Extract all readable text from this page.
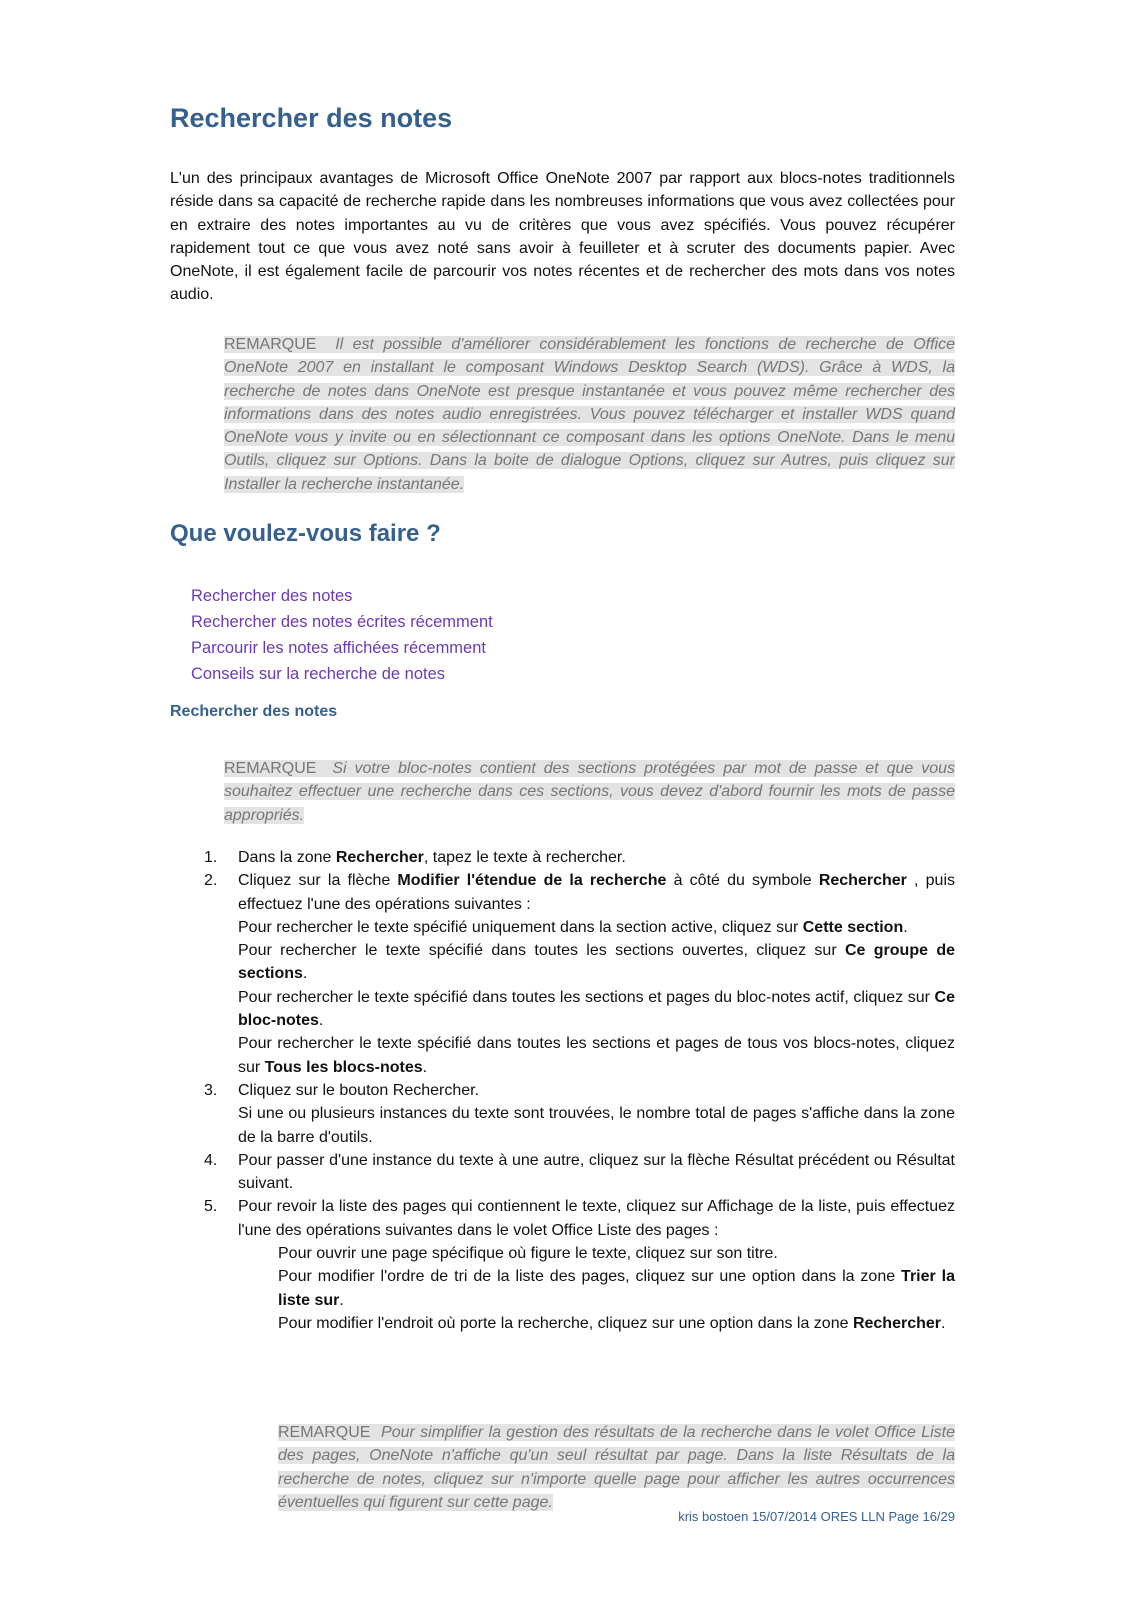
Rechercher des notes

L'un des principaux avantages de Microsoft Office OneNote 2007 par rapport aux blocs-notes traditionnels réside dans sa capacité de recherche rapide dans les nombreuses informations que vous avez collectées pour en extraire des notes importantes au vu de critères que vous avez spécifiés. Vous pouvez récupérer rapidement tout ce que vous avez noté sans avoir à feuilleter et à scruter des documents papier. Avec OneNote, il est également facile de parcourir vos notes récentes et de rechercher des mots dans vos notes audio.

REMARQUE Il est possible d'améliorer considérablement les fonctions de recherche de Office OneNote 2007 en installant le composant Windows Desktop Search (WDS). Grâce à WDS, la recherche de notes dans OneNote est presque instantanée et vous pouvez même rechercher des informations dans des notes audio enregistrées. Vous pouvez télécharger et installer WDS quand OneNote vous y invite ou en sélectionnant ce composant dans les options OneNote. Dans le menu Outils, cliquez sur Options. Dans la boite de dialogue Options, cliquez sur Autres, puis cliquez sur Installer la recherche instantanée.

Que voulez-vous faire ?
Rechercher des notes
Rechercher des notes écrites récemment
Parcourir les notes affichées récemment
Conseils sur la recherche de notes
Rechercher des notes

REMARQUE Si votre bloc-notes contient des sections protégées par mot de passe et que vous souhaitez effectuer une recherche dans ces sections, vous devez d'abord fournir les mots de passe appropriés.

1. Dans la zone Rechercher, tapez le texte à rechercher.

2. Cliquez sur la flèche Modifier l'étendue de la recherche à côté du symbole Rechercher , puis effectuez l'une des opérations suivantes :

Pour rechercher le texte spécifié uniquement dans la section active, cliquez sur Cette section.

Pour rechercher le texte spécifié dans toutes les sections ouvertes, cliquez sur Ce groupe de sections.

Pour rechercher le texte spécifié dans toutes les sections et pages du bloc-notes actif, cliquez sur Ce bloc-notes.

Pour rechercher le texte spécifié dans toutes les sections et pages de tous vos blocs-notes, cliquez sur Tous les blocs-notes.

3. Cliquez sur le bouton Rechercher.

Si une ou plusieurs instances du texte sont trouvées, le nombre total de pages s'affiche dans la zone de la barre d'outils.

4. Pour passer d'une instance du texte à une autre, cliquez sur la flèche Résultat précédent ou Résultat suivant.

5. Pour revoir la liste des pages qui contiennent le texte, cliquez sur Affichage de la liste, puis effectuez l'une des opérations suivantes dans le volet Office Liste des pages :

Pour ouvrir une page spécifique où figure le texte, cliquez sur son titre.

Pour modifier l'ordre de tri de la liste des pages, cliquez sur une option dans la zone Trier la liste sur.

Pour modifier l'endroit où porte la recherche, cliquez sur une option dans la zone Rechercher.

REMARQUE Pour simplifier la gestion des résultats de la recherche dans le volet Office Liste des pages, OneNote n'affiche qu'un seul résultat par page. Dans la liste Résultats de la recherche de notes, cliquez sur n'importe quelle page pour afficher les autres occurrences éventuelles qui figurent sur cette page.

kris bostoen 15/07/2014 ORES LLN Page 16/29
